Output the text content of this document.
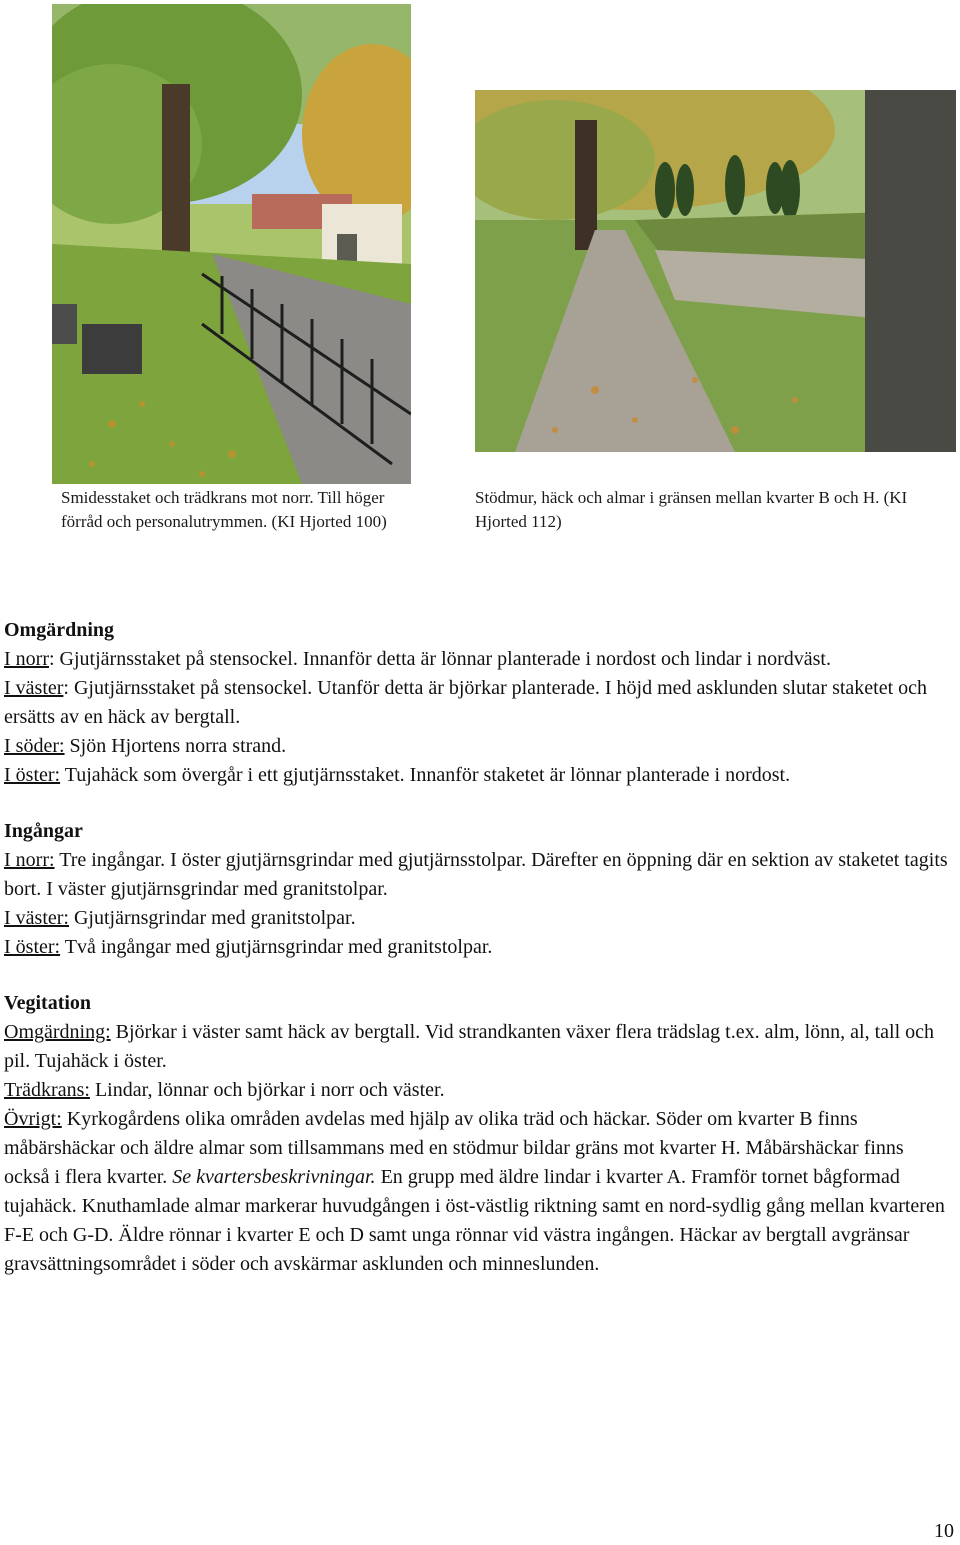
Smidesstaket och trädkrans mot norr. Till höger förråd och personalutrymmen. (KI Hjorted 100)
Stödmur, häck och almar i gränsen mellan kvarter B och H. (KI Hjorted 112)

Omgärdning

I norr: Gjutjärnsstaket på stensockel. Innanför detta är lönnar planterade i nordost och lindar i nordväst.

I väster: Gjutjärnsstaket på stensockel. Utanför detta är björkar planterade. I höjd med asklunden slutar staketet och ersätts av en häck av bergtall.

I söder: Sjön Hjortens norra strand.

I öster: Tujahäck som övergår i ett gjutjärnsstaket. Innanför staketet är lönnar planterade i nordost.

Ingångar

I norr: Tre ingångar. I öster gjutjärnsgrindar med gjutjärnsstolpar. Därefter en öppning där en sektion av staketet tagits bort. I väster gjutjärnsgrindar med granitstolpar.

I väster: Gjutjärnsgrindar med granitstolpar.

I öster: Två ingångar med gjutjärnsgrindar med granitstolpar.

Vegitation

Omgärdning: Björkar i väster samt häck av bergtall. Vid strandkanten växer flera trädslag t.ex. alm, lönn, al, tall och pil. Tujahäck i öster.

Trädkrans: Lindar, lönnar och björkar i norr och väster.

Övrigt: Kyrkogårdens olika områden avdelas med hjälp av olika träd och häckar. Söder om kvarter B finns måbärshäckar och äldre almar som tillsammans med en stödmur bildar gräns mot kvarter H. Måbärshäckar finns också i flera kvarter. Se kvartersbeskrivningar. En grupp med äldre lindar i kvarter A. Framför tornet bågformad tujahäck. Knuthamlade almar markerar huvudgången i öst-västlig riktning samt en nord-sydlig gång mellan kvarteren F-E och G-D. Äldre rönnar i kvarter E och D samt unga rönnar vid västra ingången. Häckar av bergtall avgränsar gravsättningsområdet i söder och avskärmar asklunden och minneslunden.

10
